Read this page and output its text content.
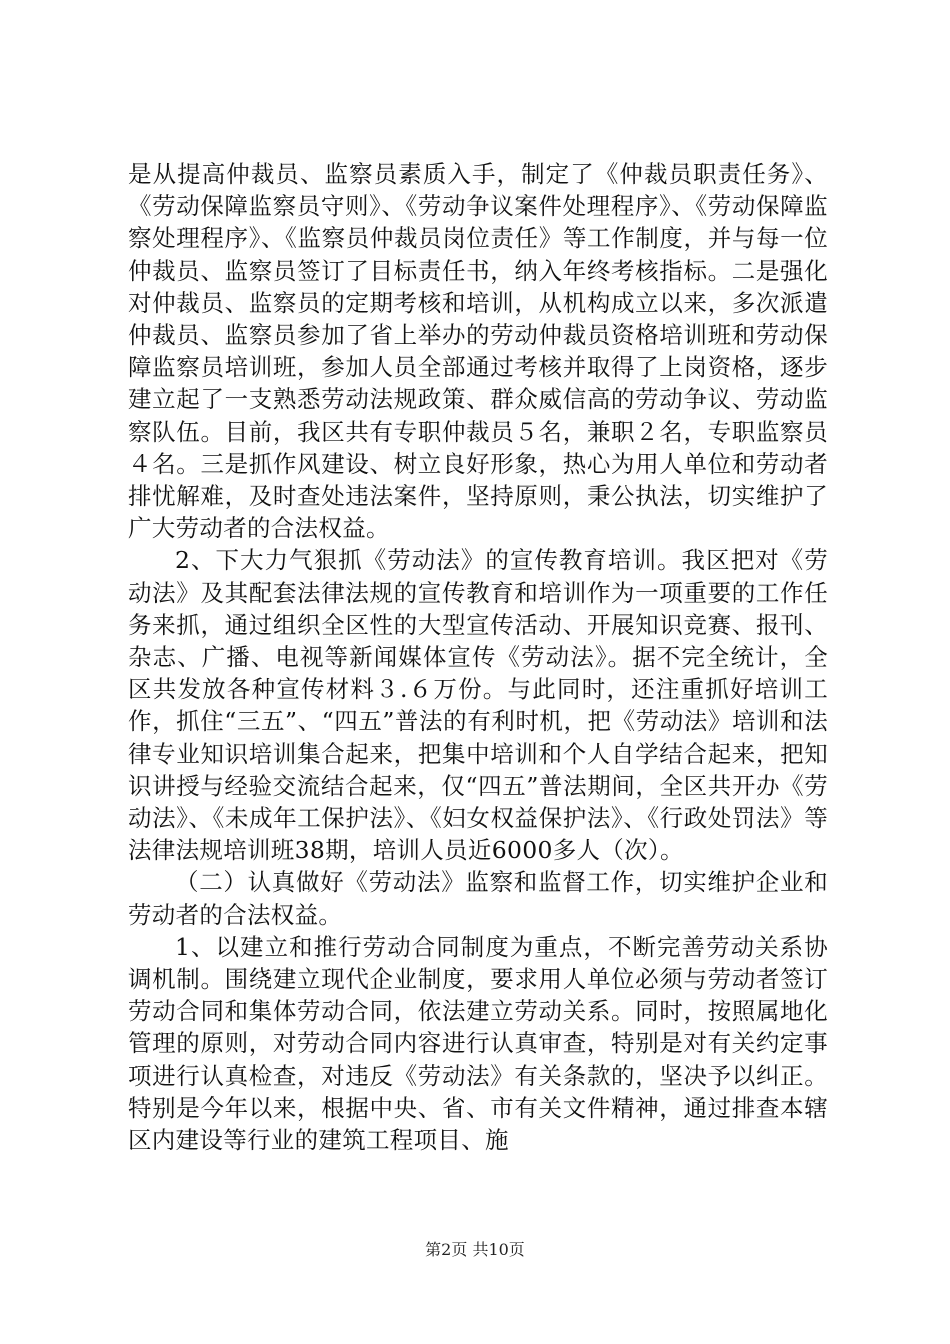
是从提高仲裁员、监察员素质入手，制定了《仲裁员职责任务》、《劳动保障监察员守则》、《劳动争议案件处理程序》、《劳动保障监察处理程序》、《监察员仲裁员岗位责任》等工作制度，并与每一位仲裁员、监察员签订了目标责任书，纳入年终考核指标。二是强化对仲裁员、监察员的定期考核和培训，从机构成立以来，多次派遣仲裁员、监察员参加了省上举办的劳动仲裁员资格培训班和劳动保障监察员培训班，参加人员全部通过考核并取得了上岗资格，逐步建立起了一支熟悉劳动法规政策、群众威信高的劳动争议、劳动监察队伍。目前，我区共有专职仲裁员５名，兼职２名，专职监察员４名。三是抓作风建设、树立良好形象，热心为用人单位和劳动者排忧解难，及时查处违法案件，坚持原则，秉公执法，切实维护了广大劳动者的合法权益。

2、下大力气狠抓《劳动法》的宣传教育培训。我区把对《劳动法》及其配套法律法规的宣传教育和培训作为一项重要的工作任务来抓，通过组织全区性的大型宣传活动、开展知识竞赛、报刊、杂志、广播、电视等新闻媒体宣传《劳动法》。据不完全统计，全区共发放各种宣传材料３.６万份。与此同时，还注重抓好培训工作，抓住“三五”、“四五”普法的有利时机，把《劳动法》培训和法律专业知识培训集合起来，把集中培训和个人自学结合起来，把知识讲授与经验交流结合起来，仅“四五”普法期间，全区共开办《劳动法》、《未成年工保护法》、《妇女权益保护法》、《行政处罚法》等法律法规培训班38期，培训人员近6000多人（次）。

（二）认真做好《劳动法》监察和监督工作，切实维护企业和劳动者的合法权益。

1、以建立和推行劳动合同制度为重点，不断完善劳动关系协调机制。围绕建立现代企业制度，要求用人单位必须与劳动者签订劳动合同和集体劳动合同，依法建立劳动关系。同时，按照属地化管理的原则，对劳动合同内容进行认真审查，特别是对有关约定事项进行认真检查，对违反《劳动法》有关条款的，坚决予以纠正。特别是今年以来，根据中央、省、市有关文件精神，通过排查本辖区内建设等行业的建筑工程项目、施

第2页 共10页
